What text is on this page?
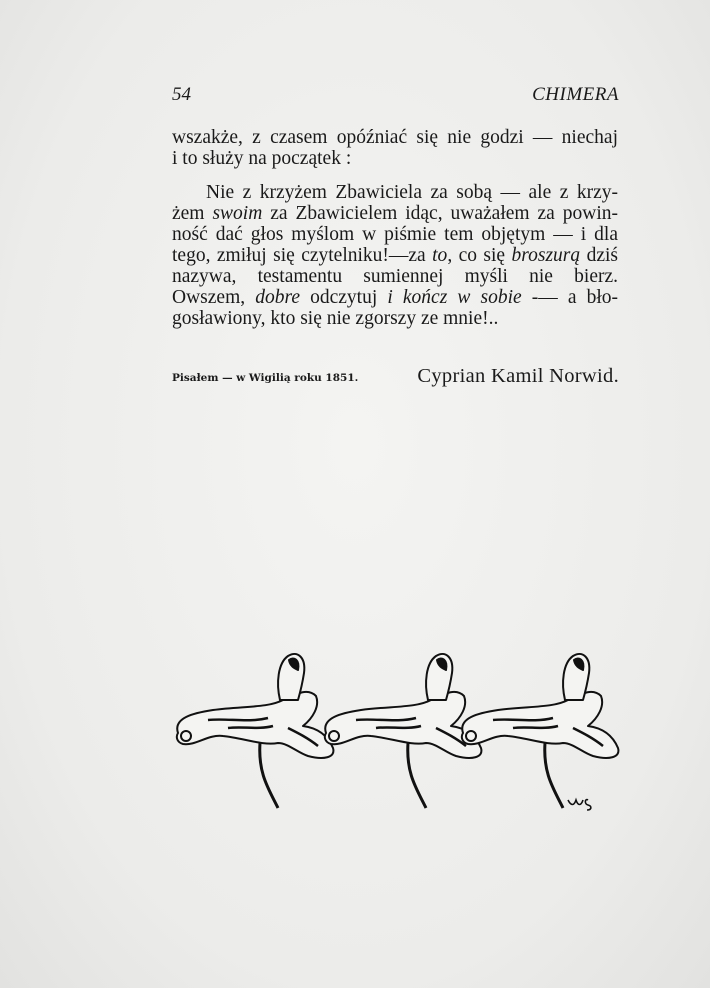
54	CHIMERA
wszakże, z czasem opóźniać się nie godzi — niechaj
i to służy na początek :
Nie z krzyżem Zbawiciela za sobą — ale z krzy-
żem swoim za Zbawicielem idąc, uważałem za powin-
ność dać głos myślom w piśmie tem objętym — i dla
tego, zmiłuj się czytelniku!—za to, co się broszurą dziś
nazywa, testamentu sumiennej myśli nie bierz.
Owszem, dobre odczytuj i kończ w sobie -— a bło-
gosławiony, kto się nie zgorszy ze mnie!..
Pisałem — w Wigilią roku 1851.	Cyprian Kamil Norwid.
